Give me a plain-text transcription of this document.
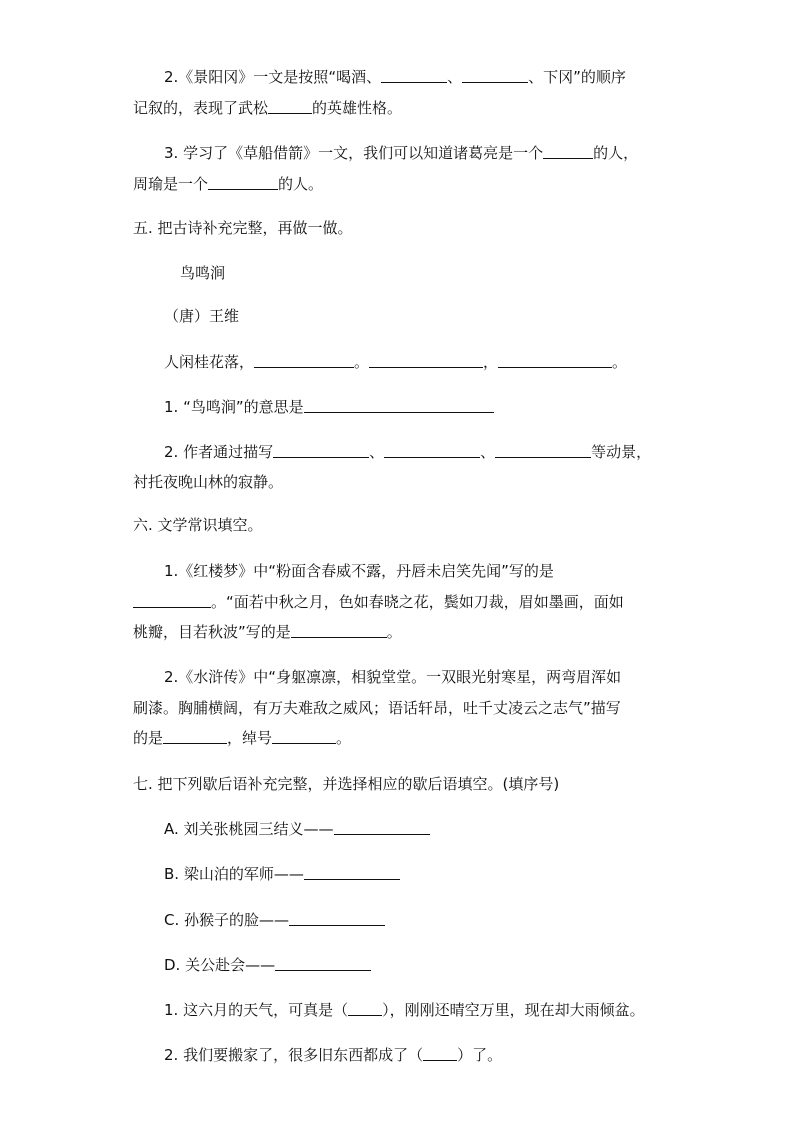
2.《景阳冈》一文是按照“喝酒、	、	、下冈”的顺序
记叙的，表现了武松	的英雄性格。
3. 学习了《草船借箭》一文，我们可以知道诸葛亮是一个	的人，
周瑜是一个	的人。
五. 把古诗补充完整，再做一做。
鸟鸣涧
（唐）王维
人闲桂花落，	。	，	。
1. “鸟鸣涧”的意思是
2. 作者通过描写	、	、	等动景，
衬托夜晚山林的寂静。
六. 文学常识填空。
1.《红楼梦》中“粉面含春威不露，丹唇未启笑先闻”写的是
。“面若中秋之月，色如春晓之花，鬓如刀裁，眉如墨画，面如
桃瓣，目若秋波”写的是	。
2.《水浒传》中“身躯凛凛，相貌堂堂。一双眼光射寒星，两弯眉浑如
刷漆。胸脯横阔，有万夫难敌之威风；语话轩昂，吐千丈凌云之志气”描写
的是	，绰号	。
七. 把下列歇后语补充完整，并选择相应的歇后语填空。(填序号)
A. 刘关张桃园三结义——
B. 梁山泊的军师——
C. 孙猴子的脸——
D. 关公赴会——
1. 这六月的天气，可真是（ ），刚刚还晴空万里，现在却大雨倾盆。
2. 我们要搬家了，很多旧东西都成了（ ）了。
